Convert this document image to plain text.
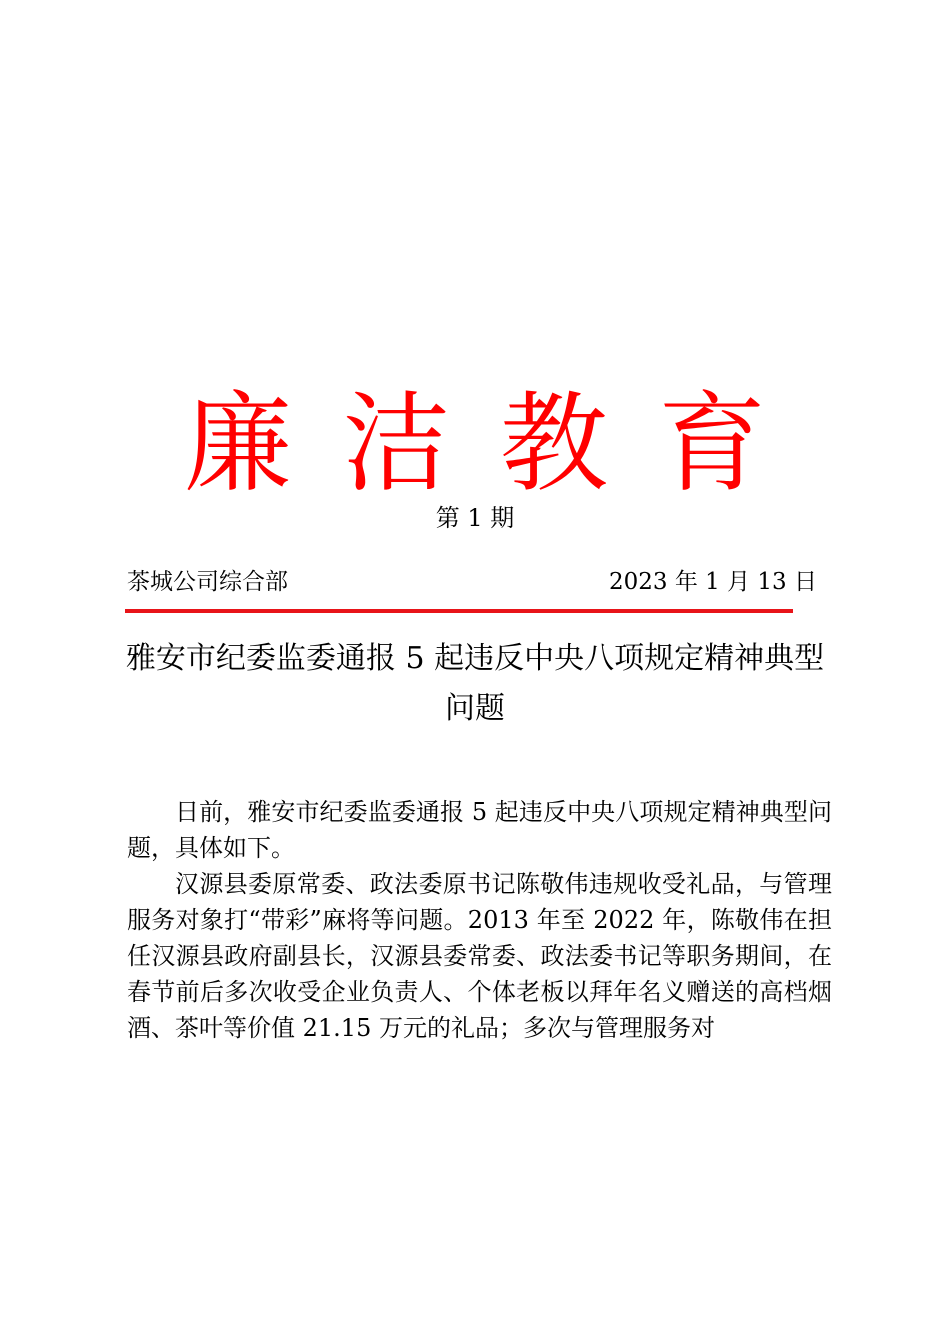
廉洁教育
第 1 期
茶城公司综合部	2023 年 1 月 13 日
雅安市纪委监委通报 5 起违反中央八项规定精神典型问题

日前，雅安市纪委监委通报 5 起违反中央八项规定精神典型问题，具体如下。

汉源县委原常委、政法委原书记陈敬伟违规收受礼品，与管理服务对象打“带彩”麻将等问题。2013 年至 2022 年，陈敬伟在担任汉源县政府副县长，汉源县委常委、政法委书记等职务期间，在春节前后多次收受企业负责人、个体老板以拜年名义赠送的高档烟酒、茶叶等价值 21.15 万元的礼品；多次与管理服务对
